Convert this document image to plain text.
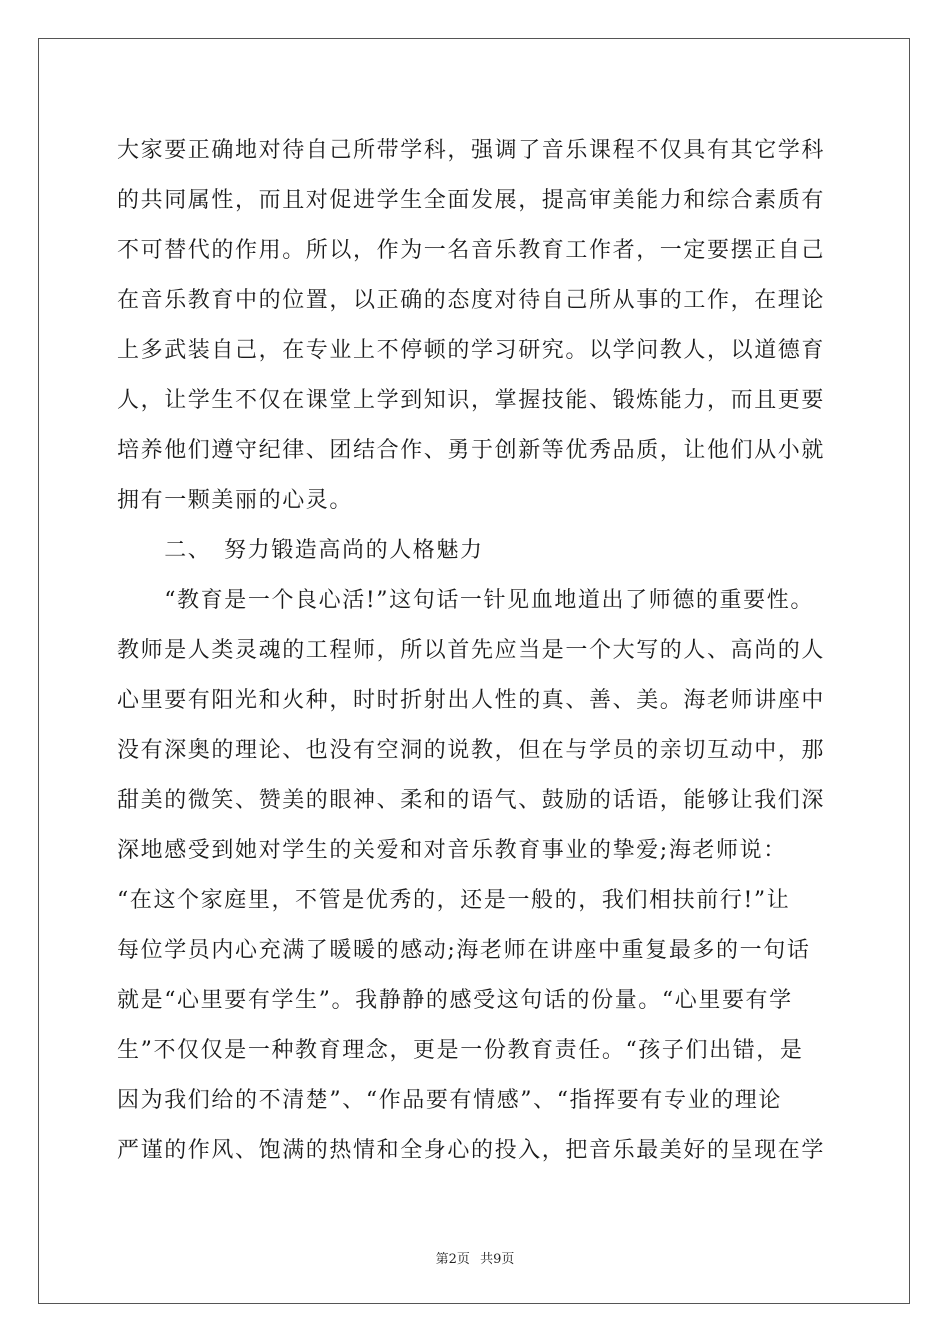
大家要正确地对待自己所带学科，强调了音乐课程不仅具有其它学科
的共同属性，而且对促进学生全面发展，提高审美能力和综合素质有
不可替代的作用。所以，作为一名音乐教育工作者，一定要摆正自己
在音乐教育中的位置，以正确的态度对待自己所从事的工作，在理论
上多武装自己，在专业上不停顿的学习研究。以学问教人，以道德育
人，让学生不仅在课堂上学到知识，掌握技能、锻炼能力，而且更要
培养他们遵守纪律、团结合作、勇于创新等优秀品质，让他们从小就
拥有一颗美丽的心灵。
　　二、　努力锻造高尚的人格魅力
　　“教育是一个良心活!”这句话一针见血地道出了师德的重要性。
教师是人类灵魂的工程师，所以首先应当是一个大写的人、高尚的人
心里要有阳光和火种，时时折射出人性的真、善、美。海老师讲座中
没有深奥的理论、也没有空洞的说教，但在与学员的亲切互动中，那
甜美的微笑、赞美的眼神、柔和的语气、鼓励的话语，能够让我们深
深地感受到她对学生的关爱和对音乐教育事业的挚爱;海老师说：
“在这个家庭里，不管是优秀的，还是一般的，我们相扶前行!”让
每位学员内心充满了暖暖的感动;海老师在讲座中重复最多的一句话
就是“心里要有学生”。我静静的感受这句话的份量。“心里要有学
生”不仅仅是一种教育理念，更是一份教育责任。“孩子们出错，是
因为我们给的不清楚”、“作品要有情感”、“指挥要有专业的理论
严谨的作风、饱满的热情和全身心的投入，把音乐最美好的呈现在学
第2页 共9页
